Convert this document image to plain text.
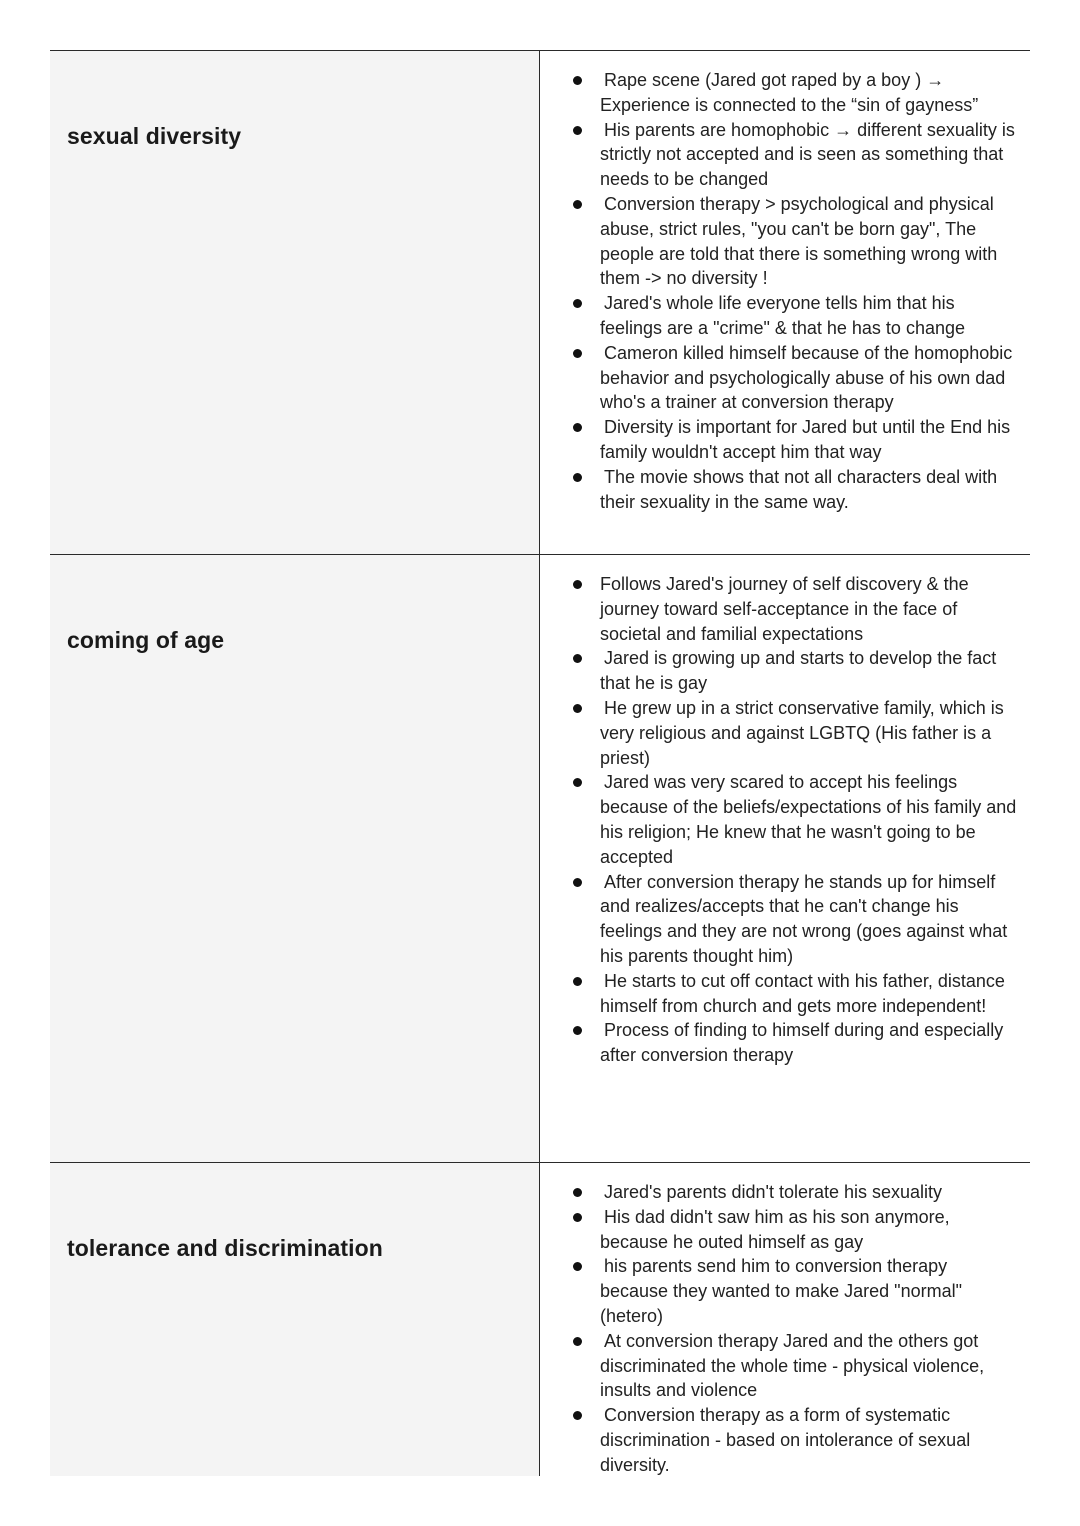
sexual diversity
Rape scene (Jared got raped by a boy ) → Experience is connected to the “sin of gayness”
His parents are homophobic → different sexuality is strictly not accepted and is seen as something that needs to be changed
Conversion therapy > psychological and physical abuse, strict rules, "you can't be born gay", The people are told that there is something wrong with them -> no diversity !
Jared's whole life everyone tells him that his feelings are a "crime" & that he has to change
Cameron killed himself because of the homophobic behavior and psychologically abuse of his own dad who's a trainer at conversion therapy
Diversity is important for Jared but until the End his family wouldn't accept him that way
The movie shows that not all characters deal with their sexuality in the same way.
coming of age
Follows Jared's journey of self discovery & the journey toward self-acceptance in the face of societal and familial expectations
Jared is growing up and starts to develop the fact that he is gay
He grew up in a strict conservative family, which is very religious and against LGBTQ (His father is a priest)
Jared was very scared to accept his feelings because of the beliefs/expectations of his family and his religion; He knew that he wasn't going to be accepted
After conversion therapy he stands up for himself and realizes/accepts that he can't change his feelings and they are not wrong (goes against what his parents thought him)
He starts to cut off contact with his father, distance himself from church and gets more independent!
Process of finding to himself during and especially after conversion therapy
tolerance and discrimination
Jared's parents didn't tolerate his sexuality
His dad didn't saw him as his son anymore, because he outed himself as gay
his parents send him to conversion therapy because they wanted to make Jared "normal" (hetero)
At conversion therapy Jared and the others got discriminated the whole time - physical violence, insults and violence
Conversion therapy as a form of systematic discrimination - based on intolerance of sexual diversity.
